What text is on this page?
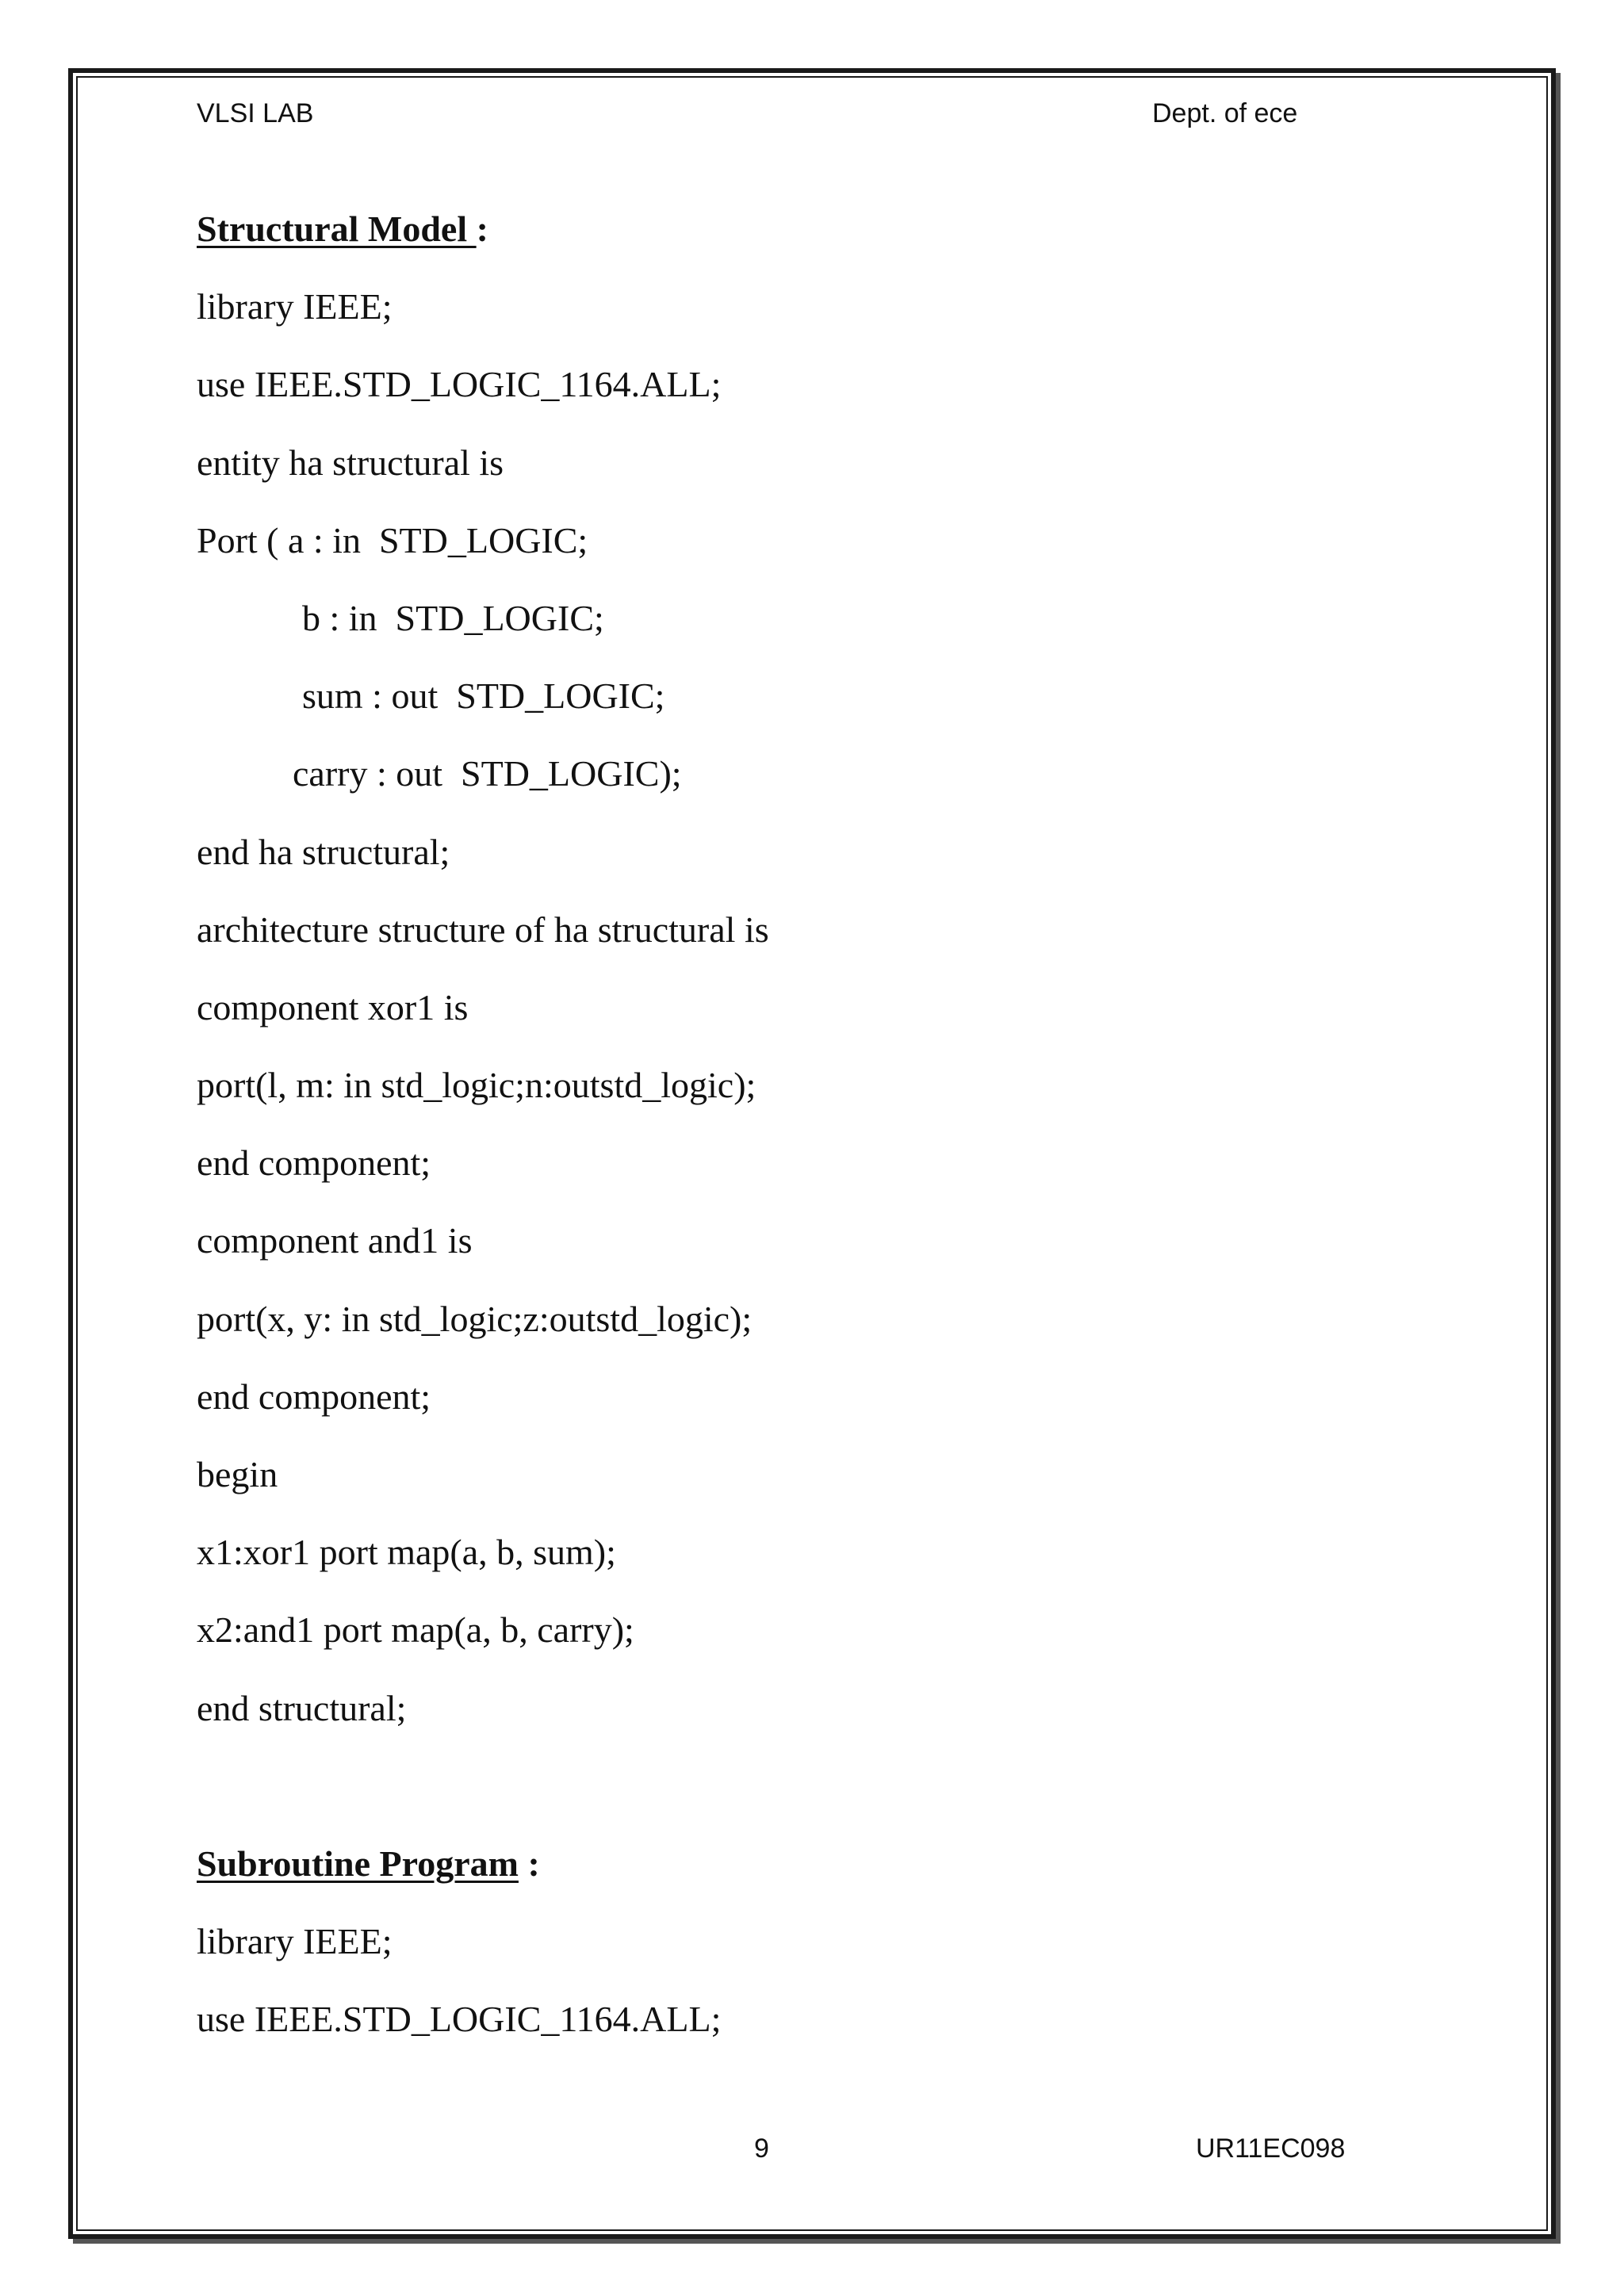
VLSI LAB	Dept. of ece
Structural Model :
library IEEE;
use IEEE.STD_LOGIC_1164.ALL;
entity ha structural is
Port ( a : in  STD_LOGIC;
b : in  STD_LOGIC;
sum : out  STD_LOGIC;
carry : out  STD_LOGIC);
end ha structural;
architecture structure of ha structural is
component xor1 is
port(l, m: in std_logic;n:outstd_logic);
end component;
component and1 is
port(x, y: in std_logic;z:outstd_logic);
end component;
begin
x1:xor1 port map(a, b, sum);
x2:and1 port map(a, b, carry);
end structural;
Subroutine Program :
library IEEE;
use IEEE.STD_LOGIC_1164.ALL;
9	UR11EC098
